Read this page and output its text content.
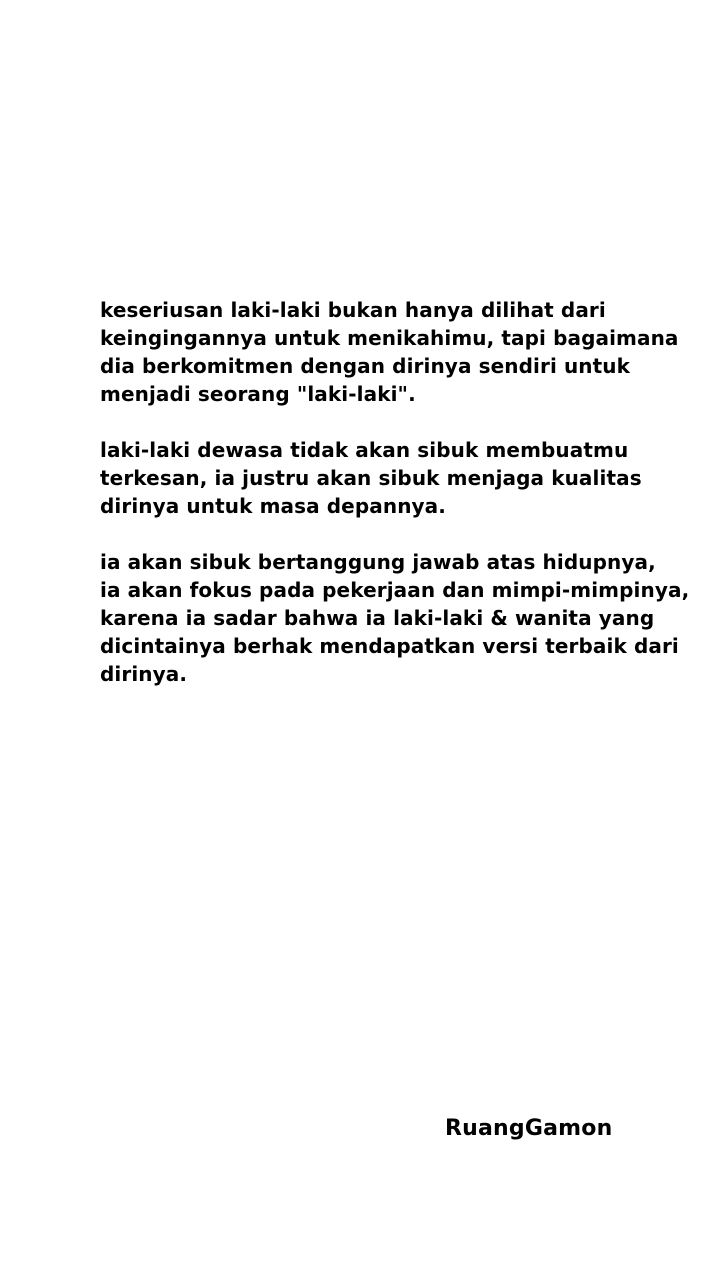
keseriusan laki-laki bukan hanya dilihat dari
keingingannya untuk menikahimu, tapi bagaimana
dia berkomitmen dengan dirinya sendiri untuk
menjadi seorang "laki-laki".
laki-laki dewasa tidak akan sibuk membuatmu
terkesan, ia justru akan sibuk menjaga kualitas
dirinya untuk masa depannya.
ia akan sibuk bertanggung jawab atas hidupnya,
ia akan fokus pada pekerjaan dan mimpi-mimpinya,
karena ia sadar bahwa ia laki-laki & wanita yang
dicintainya berhak mendapatkan versi terbaik dari
dirinya.
RuangGamon
